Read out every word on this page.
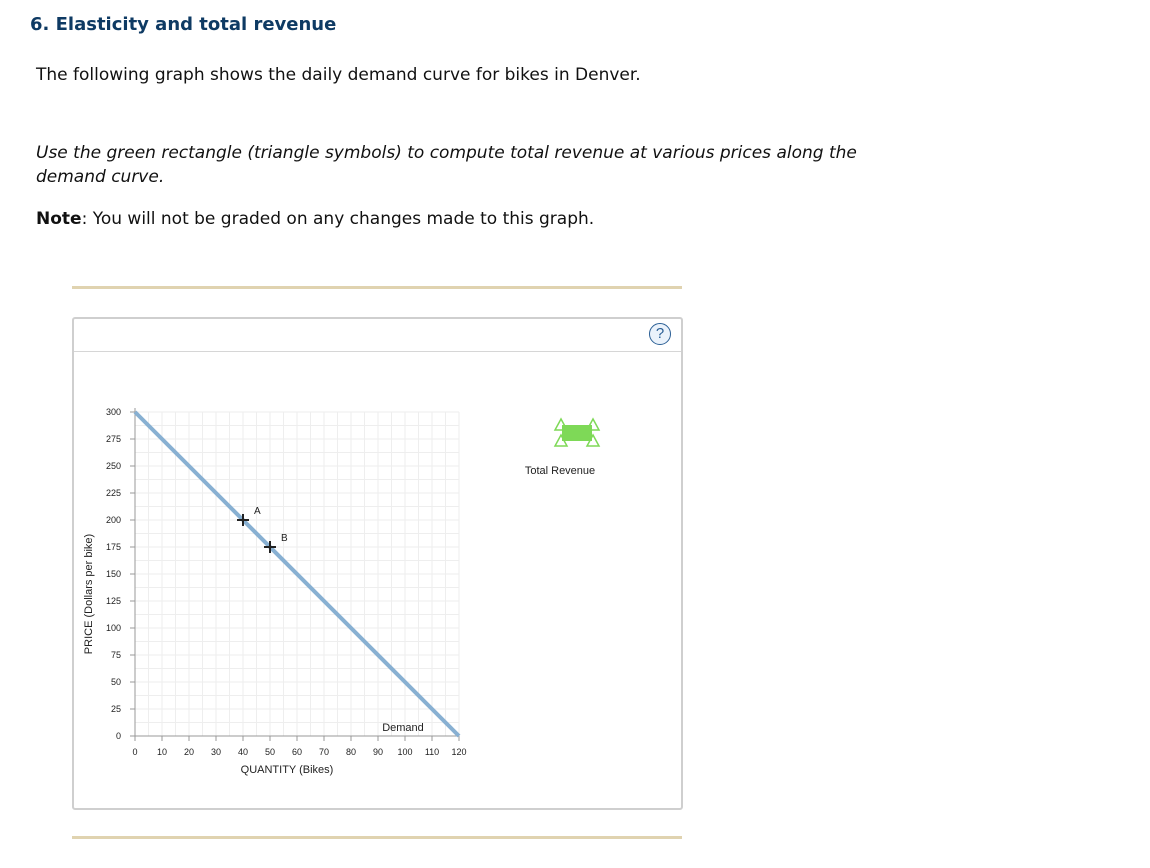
6. Elasticity and total revenue

The following graph shows the daily demand curve for bikes in Denver.

Use the green rectangle (triangle symbols) to compute total revenue at various prices along the demand curve.

Note: You will not be graded on any changes made to this graph.

?
0
25
50
75
100
125
150
175
200
225
250
275
300
0 10 20 30 40 50 60 70 80 90 100 110 120
QUANTITY (Bikes)
PRICE (Dollars per bike)
Demand
A
B
Total Revenue
